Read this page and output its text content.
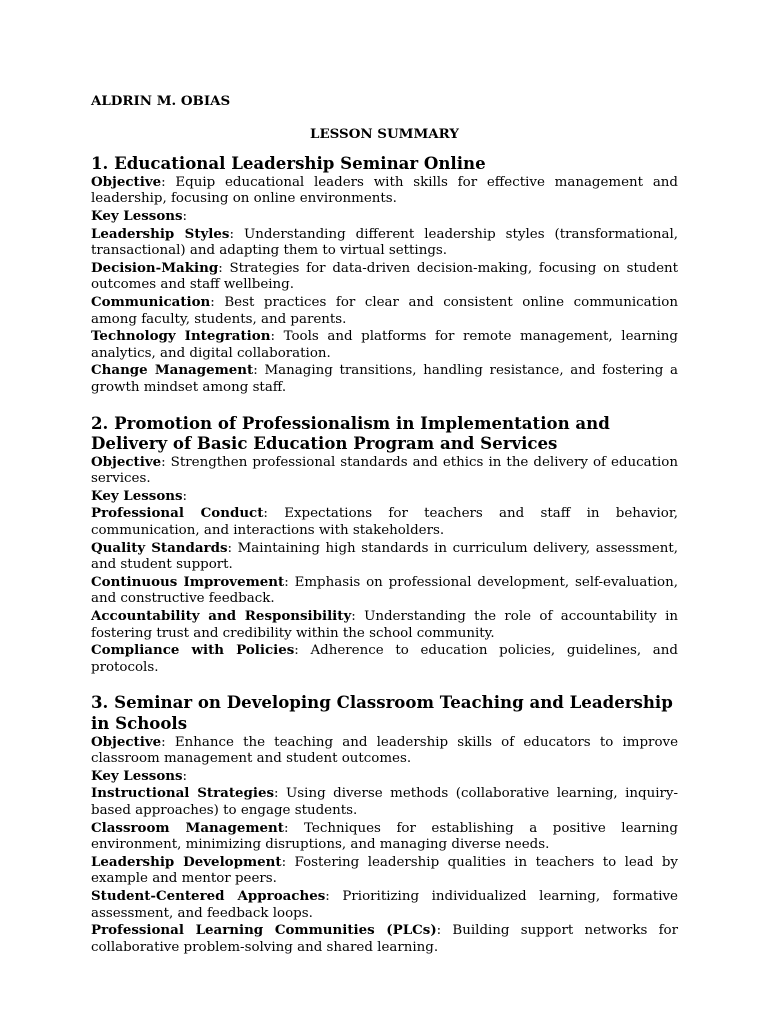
ALDRIN M. OBIAS

LESSON SUMMARY

1. Educational Leadership Seminar Online

Objective: Equip educational leaders with skills for effective management and leadership, focusing on online environments.

Key Lessons:

Leadership Styles: Understanding different leadership styles (transformational, transactional) and adapting them to virtual settings.

Decision-Making: Strategies for data-driven decision-making, focusing on student outcomes and staff wellbeing.

Communication: Best practices for clear and consistent online communication among faculty, students, and parents.

Technology Integration: Tools and platforms for remote management, learning analytics, and digital collaboration.

Change Management: Managing transitions, handling resistance, and fostering a growth mindset among staff.

2. Promotion of Professionalism in Implementation and Delivery of Basic Education Program and Services

Objective: Strengthen professional standards and ethics in the delivery of education services.

Key Lessons:

Professional Conduct: Expectations for teachers and staff in behavior, communication, and interactions with stakeholders.

Quality Standards: Maintaining high standards in curriculum delivery, assessment, and student support.

Continuous Improvement: Emphasis on professional development, self-evaluation, and constructive feedback.

Accountability and Responsibility: Understanding the role of accountability in fostering trust and credibility within the school community.

Compliance with Policies: Adherence to education policies, guidelines, and protocols.

3. Seminar on Developing Classroom Teaching and Leadership in Schools

Objective: Enhance the teaching and leadership skills of educators to improve classroom management and student outcomes.

Key Lessons:

Instructional Strategies: Using diverse methods (collaborative learning, inquiry-based approaches) to engage students.

Classroom Management: Techniques for establishing a positive learning environment, minimizing disruptions, and managing diverse needs.

Leadership Development: Fostering leadership qualities in teachers to lead by example and mentor peers.

Student-Centered Approaches: Prioritizing individualized learning, formative assessment, and feedback loops.

Professional Learning Communities (PLCs): Building support networks for collaborative problem-solving and shared learning.
